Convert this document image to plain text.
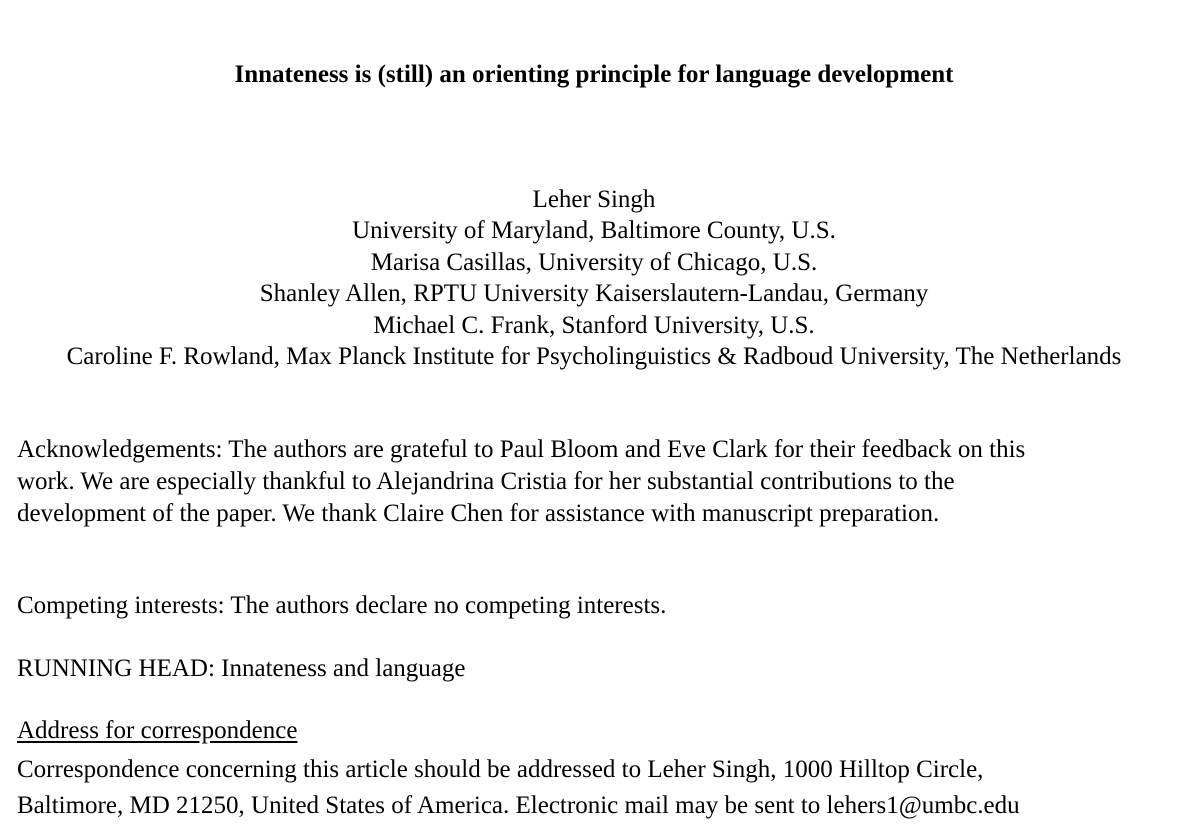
Innateness is (still) an orienting principle for language development
Leher Singh
University of Maryland, Baltimore County, U.S.
Marisa Casillas, University of Chicago, U.S.
Shanley Allen, RPTU University Kaiserslautern-Landau, Germany
Michael C. Frank, Stanford University, U.S.
Caroline F. Rowland, Max Planck Institute for Psycholinguistics & Radboud University, The Netherlands
Acknowledgements: The authors are grateful to Paul Bloom and Eve Clark for their feedback on this
work. We are especially thankful to Alejandrina Cristia for her substantial contributions to the
development of the paper. We thank Claire Chen for assistance with manuscript preparation.
Competing interests: The authors declare no competing interests.
RUNNING HEAD: Innateness and language
Address for correspondence
Correspondence concerning this article should be addressed to Leher Singh, 1000 Hilltop Circle,
Baltimore, MD 21250, United States of America. Electronic mail may be sent to lehers1@umbc.edu
